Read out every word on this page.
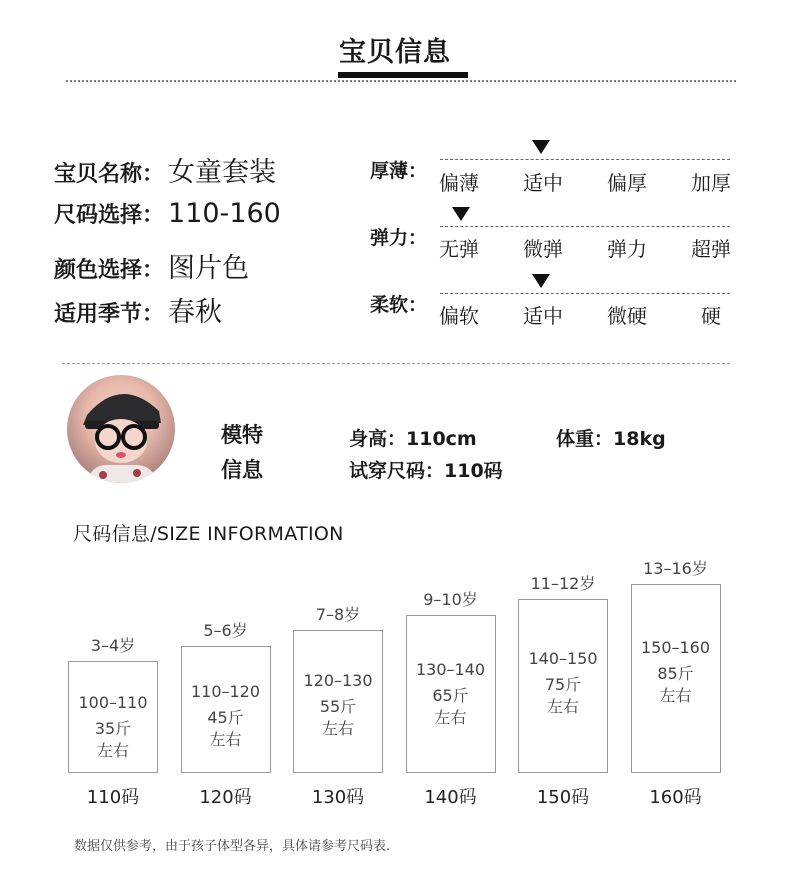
宝贝信息
宝贝名称： 女童套装
尺码选择： 110-160
颜色选择： 图片色
适用季节： 春秋
厚薄： 偏薄	适中	偏厚	加厚
弹力： 无弹	微弹	弹力	超弹
柔软： 偏软	适中	微硬	硬
模特
信息
身高：110cm	体重：18kg
试穿尺码：110码
尺码信息/SIZE INFORMATION
3–4岁
100–110
35斤
左右
110码
5–6岁
110–120
45斤
左右
120码
7–8岁
120–130
55斤
左右
130码
9–10岁
130–140
65斤
左右
140码
11–12岁
140–150
75斤
左右
150码
13–16岁
150–160
85斤
左右
160码
数据仅供参考，由于孩子体型各异，具体请参考尺码表.
